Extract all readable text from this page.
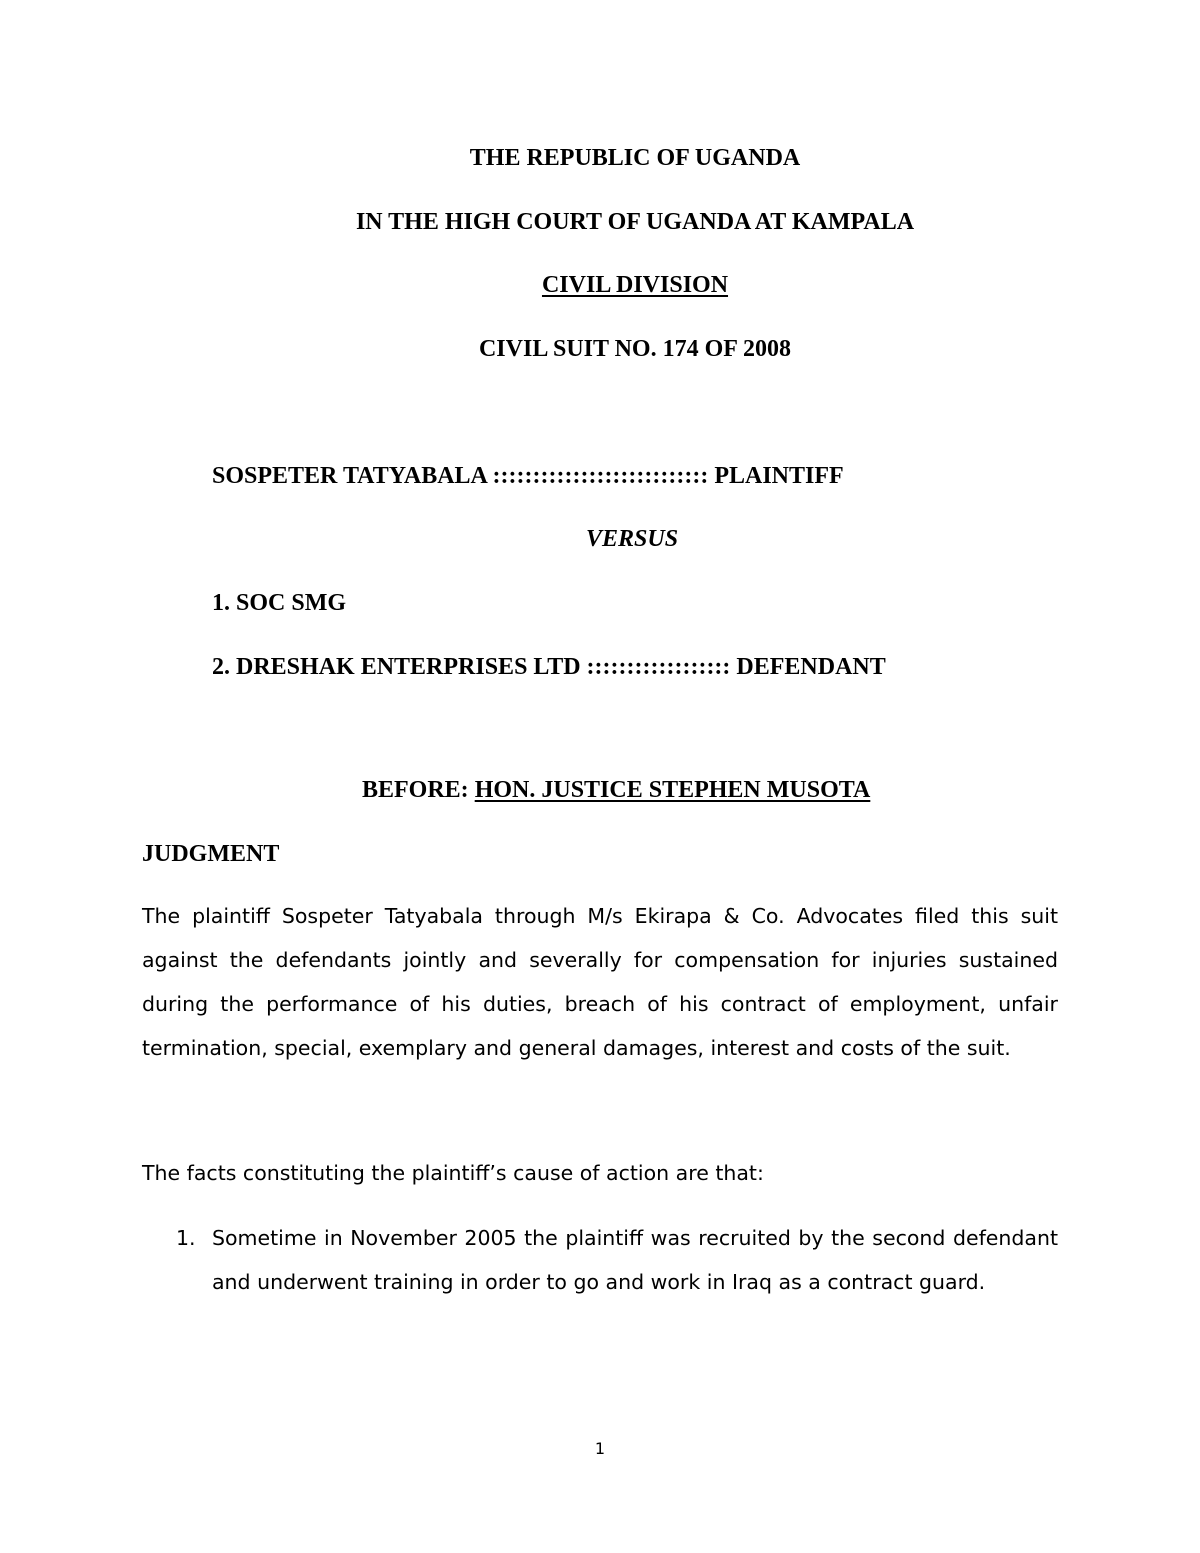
THE REPUBLIC OF UGANDA
IN THE HIGH COURT OF UGANDA AT KAMPALA
CIVIL DIVISION
CIVIL SUIT NO. 174 OF 2008
SOSPETER TATYABALA ::::::::::::::::::::::::::: PLAINTIFF
VERSUS
1. SOC SMG
2. DRESHAK ENTERPRISES LTD :::::::::::::::::: DEFENDANT
BEFORE: HON. JUSTICE STEPHEN MUSOTA
JUDGMENT
The plaintiff Sospeter Tatyabala through M/s Ekirapa & Co. Advocates filed this suit against the defendants jointly and severally for compensation for injuries sustained during the performance of his duties, breach of his contract of employment, unfair termination, special, exemplary and general damages, interest and costs of the suit.
The facts constituting the plaintiff’s cause of action are that:
1. Sometime in November 2005 the plaintiff was recruited by the second defendant and underwent training in order to go and work in Iraq as a contract guard.
1
